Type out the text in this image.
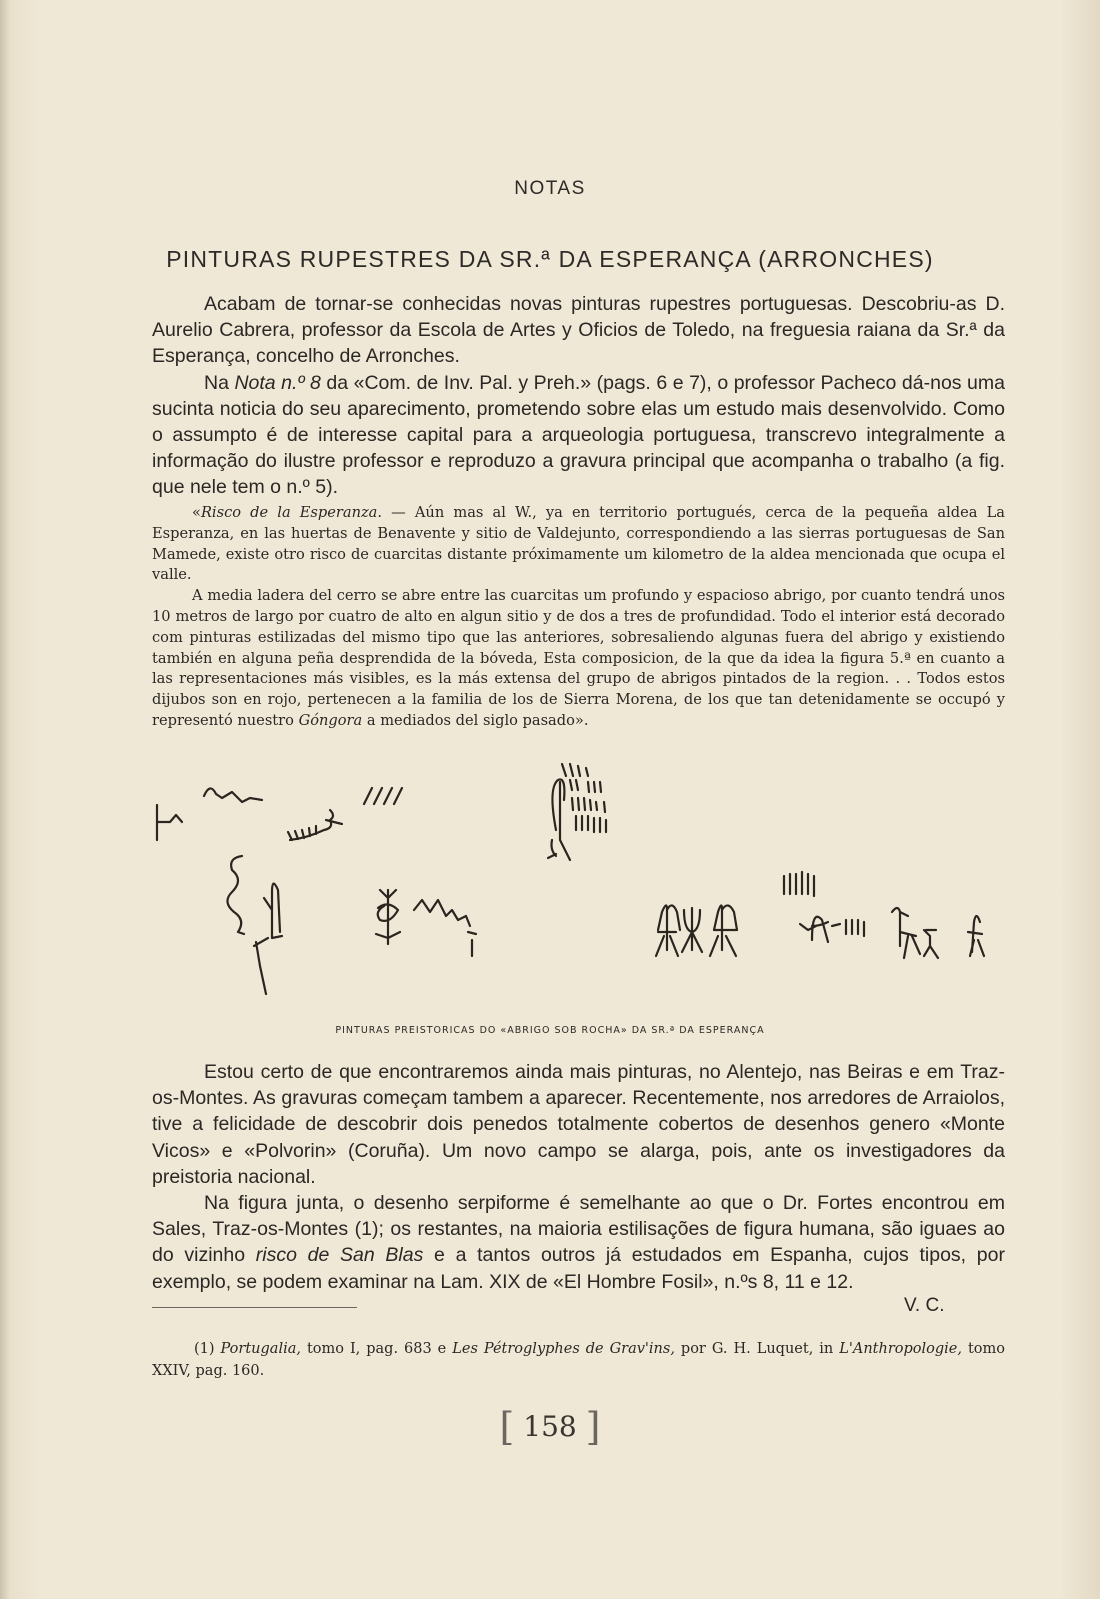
NOTAS
PINTURAS RUPESTRES DA SR.ª DA ESPERANÇA (ARRONCHES)

Acabam de tornar-se conhecidas novas pinturas rupestres portuguesas. Descobriu-as D. Aurelio Cabrera, professor da Escola de Artes y Oficios de Toledo, na freguesia raiana da Sr.ª da Esperança, concelho de Arronches.

Na Nota n.º 8 da «Com. de Inv. Pal. y Preh.» (pags. 6 e 7), o professor Pacheco dá-nos uma sucinta noticia do seu aparecimento, prometendo sobre elas um estudo mais desenvolvido. Como o assumpto é de interesse capital para a arqueologia portuguesa, transcrevo integralmente a informação do ilustre professor e reproduzo a gravura principal que acompanha o trabalho (a fig. que nele tem o n.º 5).

«Risco de la Esperanza. — Aún mas al W., ya en territorio portugués, cerca de la pequeña aldea La Esperanza, en las huertas de Benavente y sitio de Valdejunto, correspondiendo a las sierras portuguesas de San Mamede, existe otro risco de cuarcitas distante próximamente um kilometro de la aldea mencionada que ocupa el valle.

A media ladera del cerro se abre entre las cuarcitas um profundo y espacioso abrigo, por cuanto tendrá unos 10 metros de largo por cuatro de alto en algun sitio y de dos a tres de profundidad. Todo el interior está decorado com pinturas estilizadas del mismo tipo que las anteriores, sobresaliendo algunas fuera del abrigo y existiendo también en alguna peña desprendida de la bóveda, Esta composicion, de la que da idea la figura 5.ª en cuanto a las representaciones más visibles, es la más extensa del grupo de abrigos pintados de la region. . . Todos estos dijubos son en rojo, pertenecen a la familia de los de Sierra Morena, de los que tan detenidamente se occupó y representó nuestro Góngora a mediados del siglo pasado».

PINTURAS PREISTORICAS DO «ABRIGO SOB ROCHA» DA SR.ª DA ESPERANÇA

Estou certo de que encontraremos ainda mais pinturas, no Alentejo, nas Beiras e em Traz-os-Montes. As gravuras começam tambem a aparecer. Recentemente, nos arredores de Arraiolos, tive a felicidade de descobrir dois penedos totalmente cobertos de desenhos genero «Monte Vicos» e «Polvorin» (Coruña). Um novo campo se alarga, pois, ante os investigadores da preistoria nacional.

Na figura junta, o desenho serpiforme é semelhante ao que o Dr. Fortes encontrou em Sales, Traz-os-Montes (1); os restantes, na maioria estilisações de figura humana, são iguaes ao do vizinho risco de San Blas e a tantos outros já estudados em Espanha, cujos tipos, por exemplo, se podem examinar na Lam. XIX de «El Hombre Fosil», n.ºs 8, 11 e 12.

V. C.

(1) Portugalia, tomo I, pag. 683 e Les Pétroglyphes de Grav'ins, por G. H. Luquet, in L'Anthropologie, tomo XXIV, pag. 160.

[ 158 ]
